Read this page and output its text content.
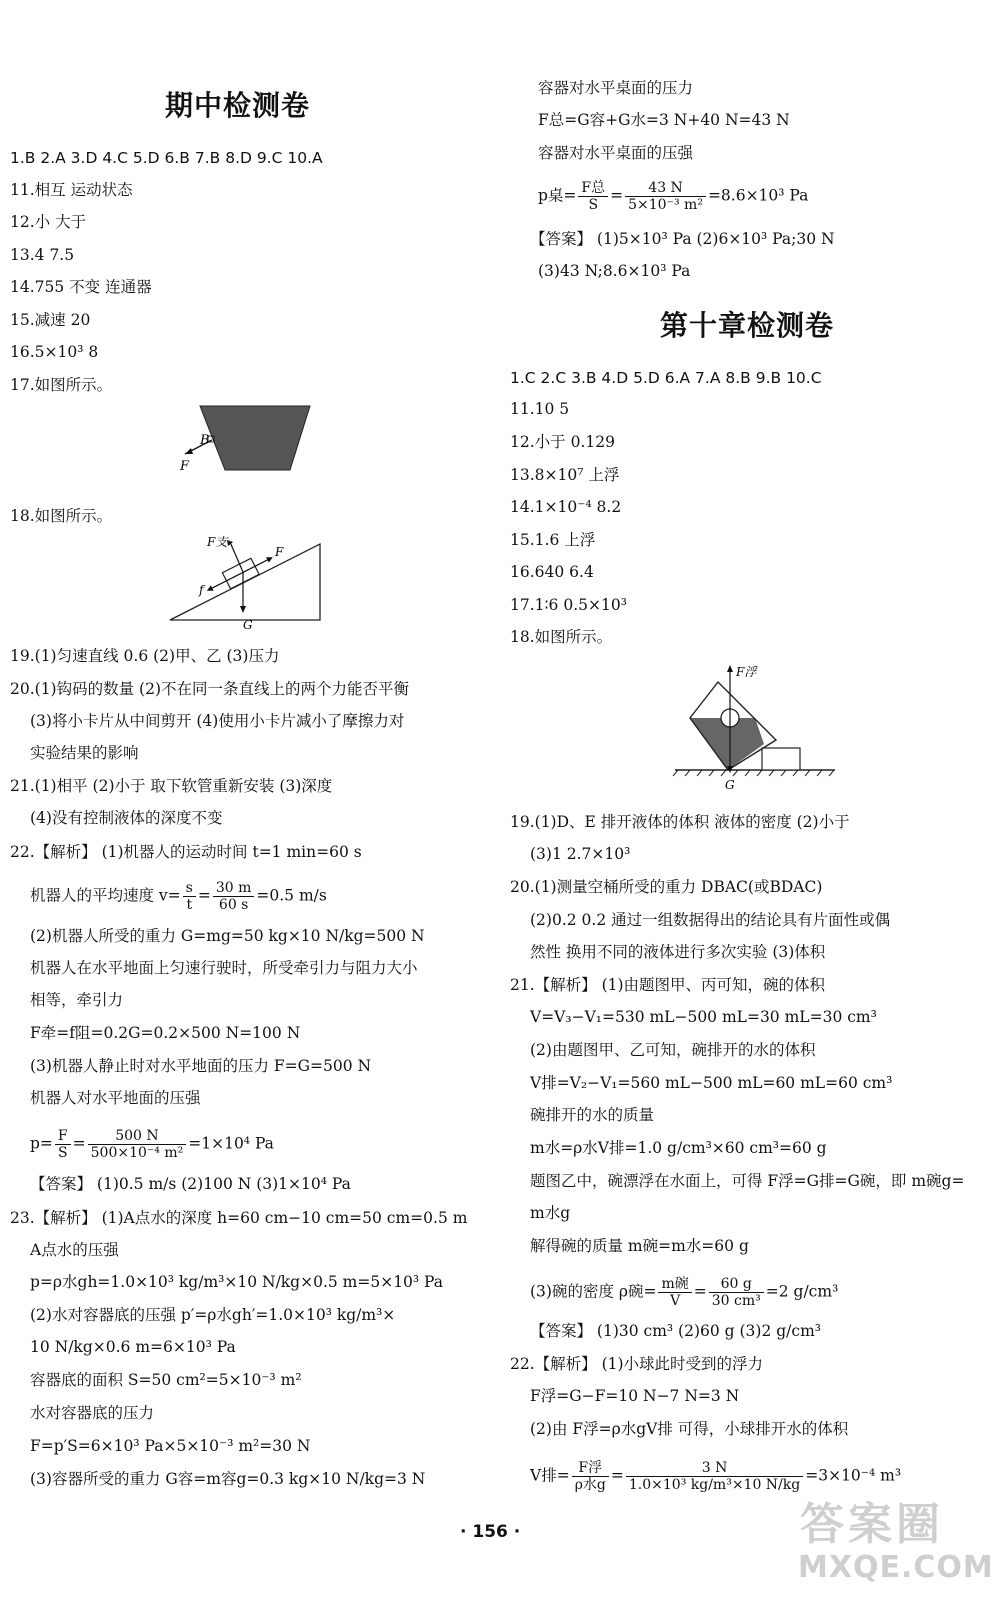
期中检测卷
1.B 2.A 3.D 4.C 5.D 6.B 7.B 8.D 9.C 10.A
11.相互 运动状态
12.小 大于
13.4 7.5
14.755 不变 连通器
15.减速 20
16.5×10³ 8
17.如图所示。
B
F
18.如图所示。
F支
F
f
G
19.(1)匀速直线 0.6 (2)甲、乙 (3)压力
20.(1)钩码的数量 (2)不在同一条直线上的两个力能否平衡
(3)将小卡片从中间剪开 (4)使用小卡片减小了摩擦力对
实验结果的影响
21.(1)相平 (2)小于 取下软管重新安装 (3)深度
(4)没有控制液体的深度不变
22.【解析】 (1)机器人的运动时间 t=1 min=60 s
机器人的平均速度 $v= \frac{s}{t} = \frac{30 m}{60 s} =0.5$ m/s
(2)机器人所受的重力 G=mg=50 kg×10 N/kg=500 N
机器人在水平地面上匀速行驶时，所受牵引力与阻力大小
相等，牵引力
F牵=f阻=0.2G=0.2×500 N=100 N
(3)机器人静止时对水平地面的压力 F=G=500 N
机器人对水平地面的压强
$p= \frac{F}{S} = \frac{500 N}{\text{500×10⁻⁴ m²}} =1\times 10^4$ Pa
【答案】 (1)0.5 m/s (2)100 N (3)1×10⁴ Pa
23.【解析】 (1)A点水的深度 h=60 cm−10 cm=50 cm=0.5 m
A点水的压强
p=ρ水gh=1.0×10³ kg/m³×10 N/kg×0.5 m=5×10³ Pa
(2)水对容器底的压强 p′=ρ水gh′=1.0×10³ kg/m³×
10 N/kg×0.6 m=6×10³ Pa
容器底的面积 S=50 cm²=5×10⁻³ m²
水对容器底的压力
F=p′S=6×10³ Pa×5×10⁻³ m²=30 N
(3)容器所受的重力 G容=m容g=0.3 kg×10 N/kg=3 N
容器对水平桌面的压力
F总=G容+G水=3 N+40 N=43 N
容器对水平桌面的压强
p桌= $\frac{\text{F总}}{S} = \frac{43 N}{\text{5×10⁻³ m²}} =8.6\times 10^3$ Pa
【答案】 (1)5×10³ Pa (2)6×10³ Pa;30 N
(3)43 N;8.6×10³ Pa
第十章检测卷
1.C 2.C 3.B 4.D 5.D 6.A 7.A 8.B 9.B 10.C
11.10 5
12.小于 0.129
13.8×10⁷ 上浮
14.1×10⁻⁴ 8.2
15.1.6 上浮
16.640 6.4
17.1∶6 0.5×10³
18.如图所示。
F浮
G
19.(1)D、E 排开液体的体积 液体的密度 (2)小于
(3)1 2.7×10³
20.(1)测量空桶所受的重力 DBAC(或BDAC)
(2)0.2 0.2 通过一组数据得出的结论具有片面性或偶
然性 换用不同的液体进行多次实验 (3)体积
21.【解析】 (1)由题图甲、丙可知，碗的体积
V=V₃−V₁=530 mL−500 mL=30 mL=30 cm³
(2)由题图甲、乙可知，碗排开的水的体积
V排=V₂−V₁=560 mL−500 mL=60 mL=60 cm³
碗排开的水的质量
m水=ρ水V排=1.0 g/cm³×60 cm³=60 g
题图乙中，碗漂浮在水面上，可得 F浮=G排=G碗，即 m碗g=
m水g
解得碗的质量 m碗=m水=60 g
(3)碗的密度 ρ碗= $\frac{\text{m碗}}{V} = \frac{60 g}{\text{30 cm³}} =2$ g/cm³
【答案】 (1)30 cm³ (2)60 g (3)2 g/cm³
22.【解析】 (1)小球此时受到的浮力
F浮=G−F=10 N−7 N=3 N
(2)由 F浮=ρ水gV排 可得，小球排开水的体积
V排= $\frac{\text{F浮}}{\text{ρ水g}} = \frac{3 N}{\text{1.0×10³ kg/m³×10 N/kg}} =3\times 10^{-4}$ m³
· 156 ·	答案圈
MXQE.COM
